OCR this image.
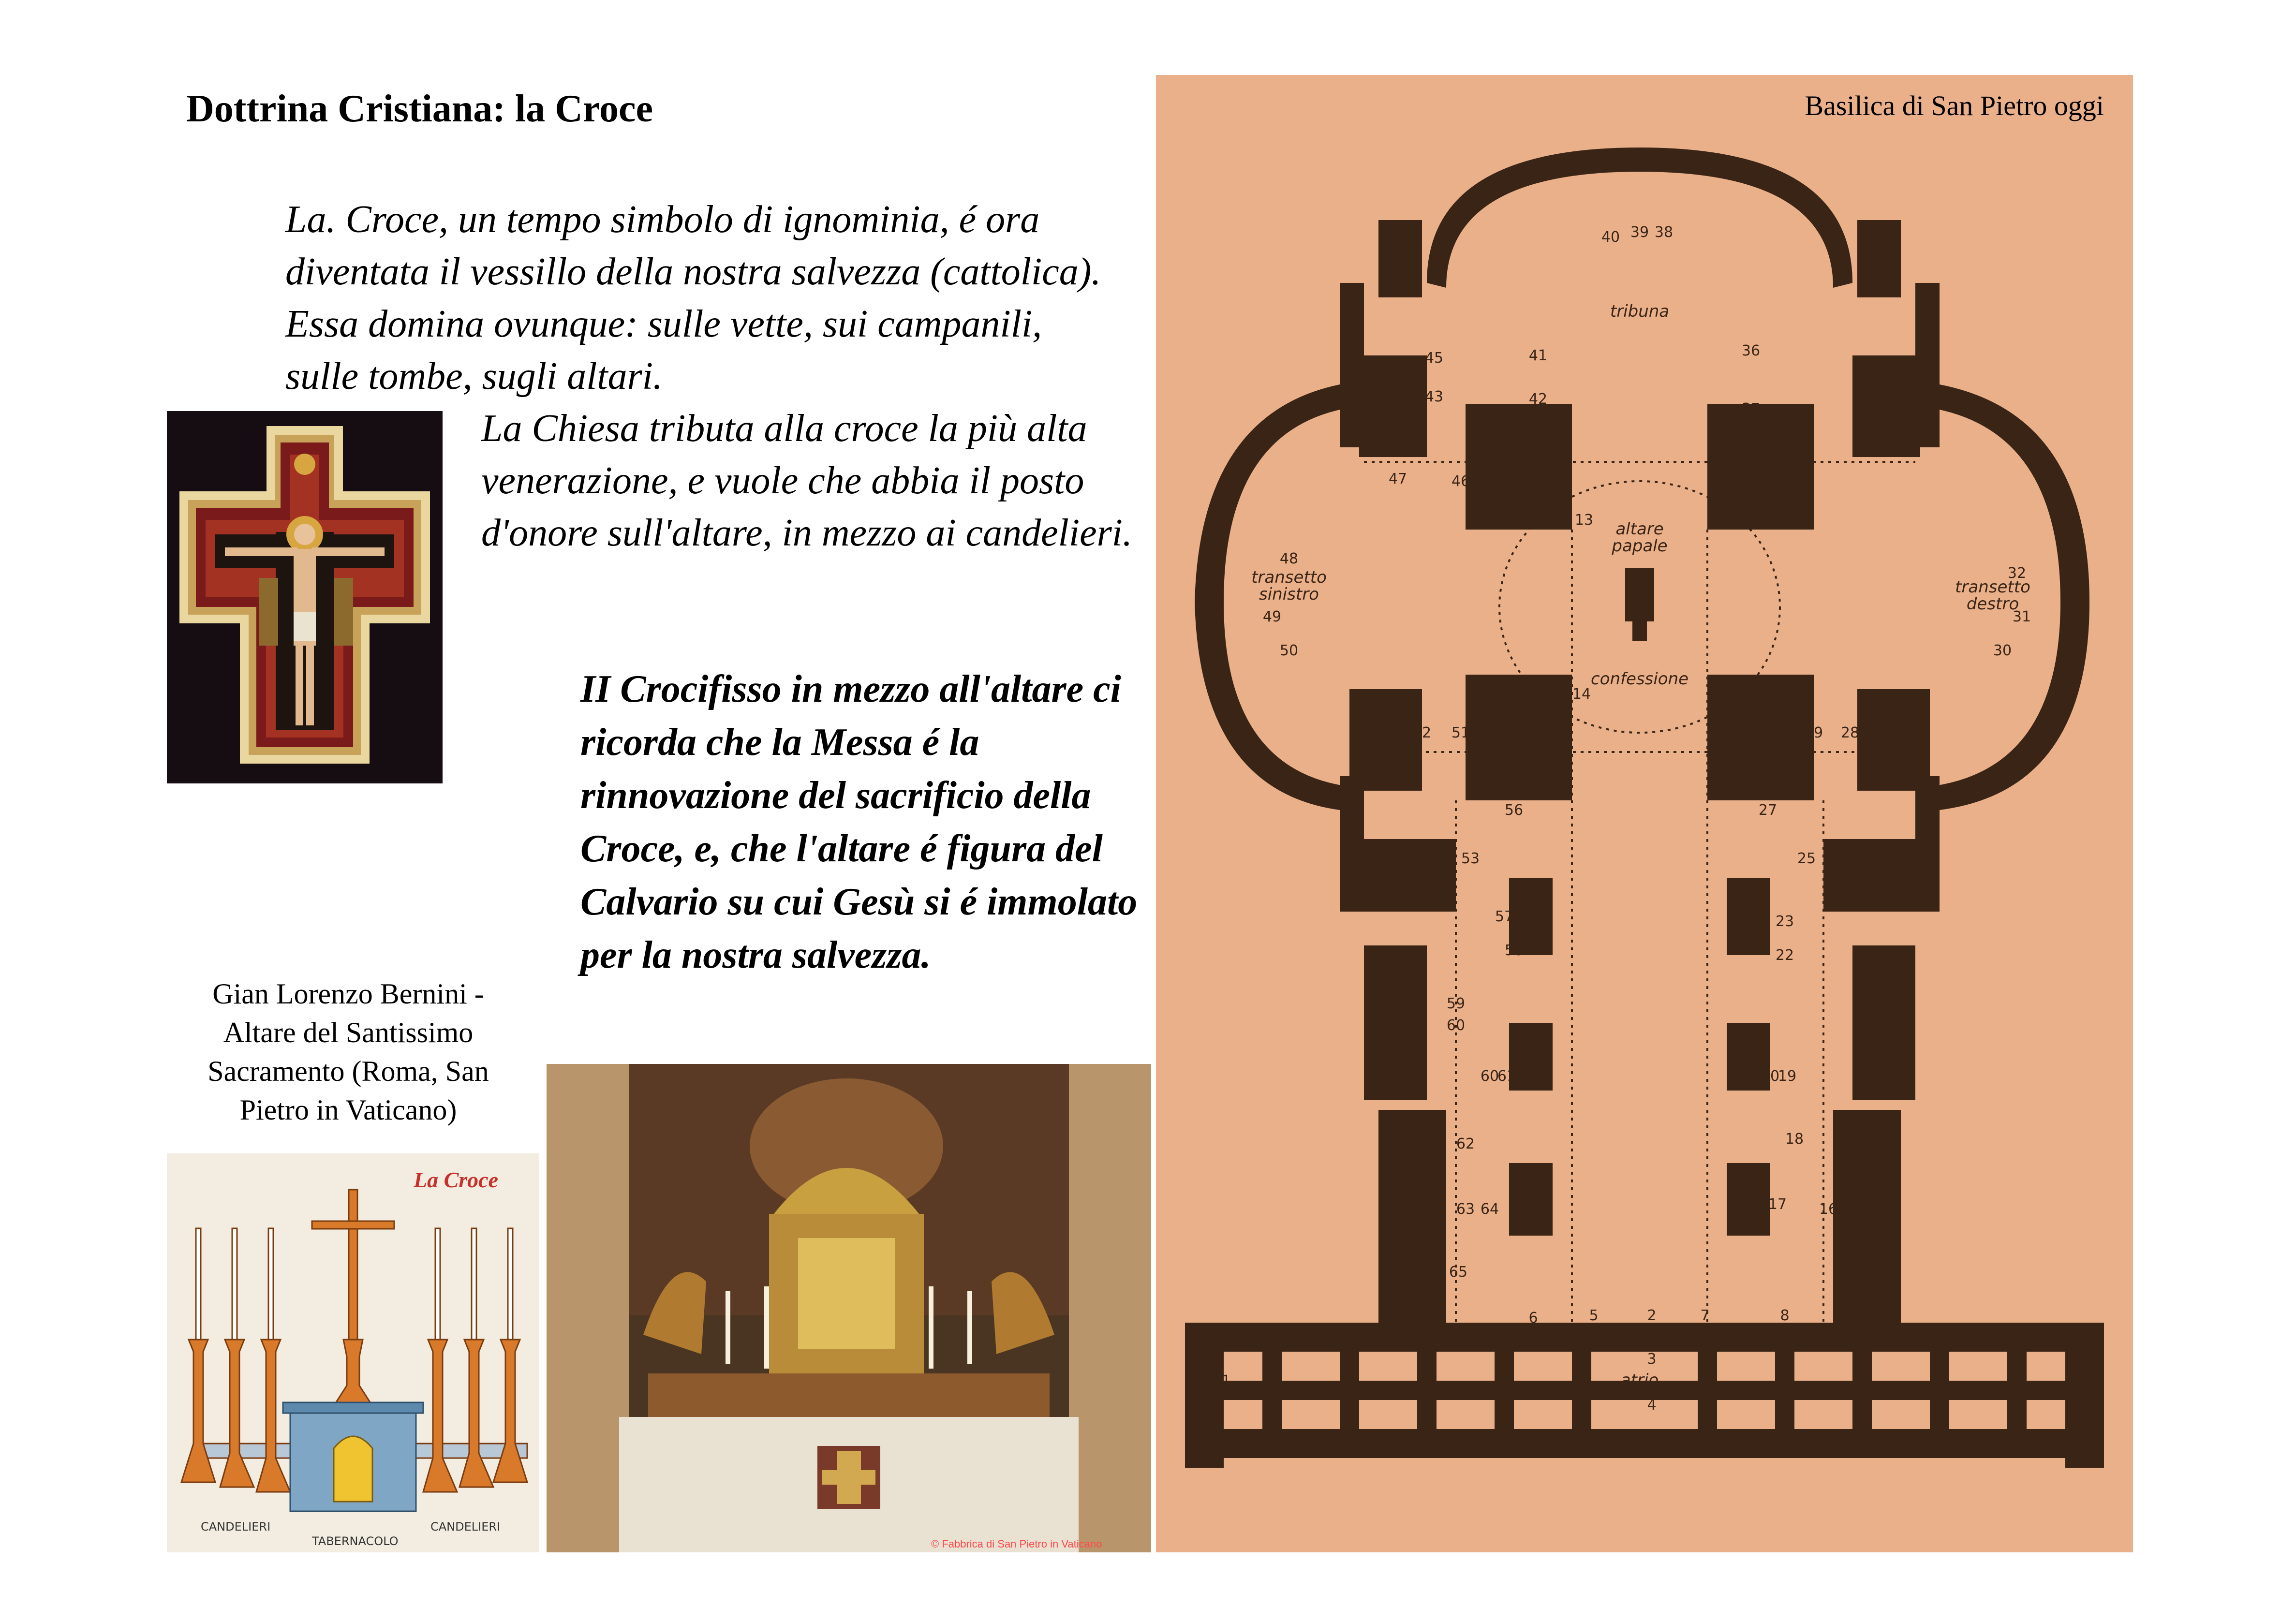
Dottrina Cristiana: la Croce

La. Croce, un tempo simbolo di ignominia, é ora diventata il vessillo della nostra salvezza (cattolica). Essa domina ovunque: sulle vette, sui campanili, sulle tombe, sugli altari.

La Chiesa tributa alla croce la più alta venerazione, e vuole che abbia il posto d'onore sull'altare, in mezzo ai candelieri.

II Crocifisso in mezzo all'altare ci ricorda che la Messa é la rinnovazione del sacrificio della Croce, e, che l'altare é figura del Calvario su cui Gesù si é immolato per la nostra salvezza.

Gian Lorenzo Bernini - Altare del Santissimo Sacramento (Roma, San Pietro in Vaticano)
La Croce
CANDELIERI	CANDELIERI
TABERNACOLO	© Fabbrica di San Pietro in Vaticano
Basilica di San Pietro oggi
tribuna
altare
papale
confessione
transetto
sinistro	transetto
destro
atrio
38
39
40
36
41
42
37
45
44 43	35
47	46	33 34
12
13
48
32
49	31
50	30
14	11
52 51	29 28
10
56	27
54 53	25 26
55	24
57	23
58	22
59
60
21
60
61	20
19
18
62
63 64	17 16
65
6	5	2	7	8
3
4
1	9
